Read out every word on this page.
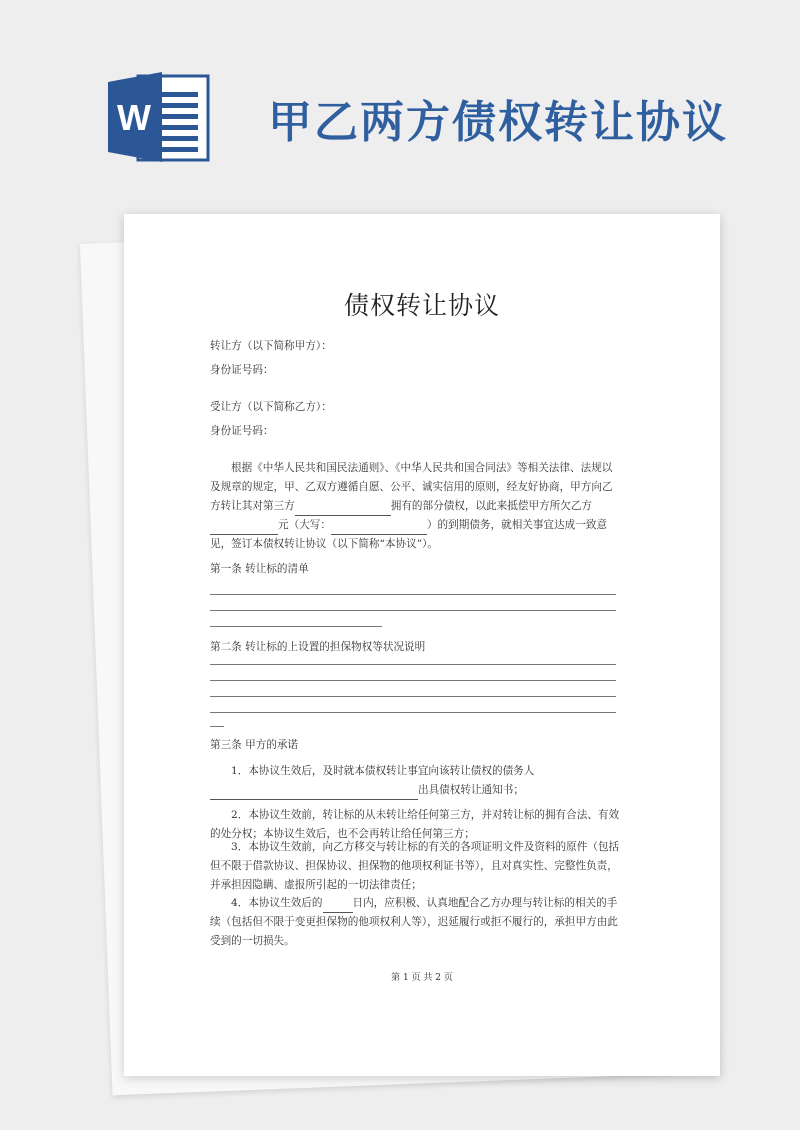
W	甲乙两方债权转让协议
债权转让协议
转让方（以下简称甲方）：
身份证号码：
受让方（以下简称乙方）：
身份证号码：
根据《中华人民共和国民法通则》、《中华人民共和国合同法》等相关法律、法规以及规章的规定，甲、乙双方遵循自愿、公平、诚实信用的原则，经友好协商，甲方向乙方转让其对第三方	拥有的部分债权，以此来抵偿甲方所欠乙方元（大写：	）的到期债务，就相关事宜达成一致意见，签订本债权转让协议（以下简称“本协议”）。
第一条 转让标的清单
第二条 转让标的上设置的担保物权等状况说明
第三条 甲方的承诺
1．本协议生效后，及时就本债权转让事宜向该转让债权的债务人
出具债权转让通知书；
2．本协议生效前，转让标的从未转让给任何第三方，并对转让标的拥有合法、有效的处分权；本协议生效后，也不会再转让给任何第三方；
3．本协议生效前，向乙方移交与转让标的有关的各项证明文件及资料的原件（包括但不限于借款协议、担保协议、担保物的他项权利证书等），且对真实性、完整性负责，并承担因隐瞒、虚报所引起的一切法律责任；
4．本协议生效后的	日内，应积极、认真地配合乙方办理与转让标的相关的手续（包括但不限于变更担保物的他项权利人等），迟延履行或拒不履行的，承担甲方由此受到的一切损失。
第 1 页 共 2 页
